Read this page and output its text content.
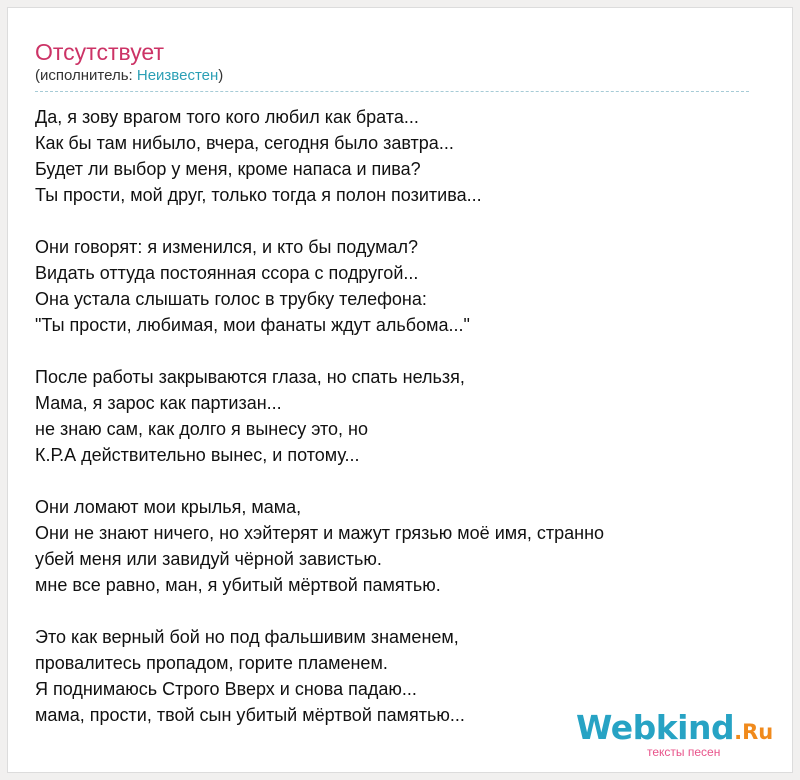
Отсутствует
(исполнитель: Неизвестен)
Да, я зову врагом того кого любил как брата...
Как бы там нибыло, вчера, сегодня было завтра...
Будет ли выбор у меня, кроме напаса и пива?
Ты прости, мой друг, только тогда я полон позитива...
Они говорят: я изменился, и кто бы подумал?
Видать оттуда постоянная ссора с подругой...
Она устала слышать голос в трубку телефона:
"Ты прости, любимая, мои фанаты ждут альбома..."
После работы закрываются глаза, но спать нельзя,
Мама, я зарос как партизан...
не знаю сам, как долго я вынесу это, но
К.Р.А действительно вынес, и потому...
Они ломают мои крылья, мама,
Они не знают ничего, но хэйтерят и мажут грязью моё имя, странно
убей меня или завидуй чёрной завистью.
мне все равно, ман, я убитый мёртвой памятью.
Это как верный бой но под фальшивим знаменем,
провалитесь пропадом, горите пламенем.
Я поднимаюсь Строго Вверх и снова падаю...
мама, прости, твой сын убитый мёртвой памятью...	Webkind.Ru
тексты песен
